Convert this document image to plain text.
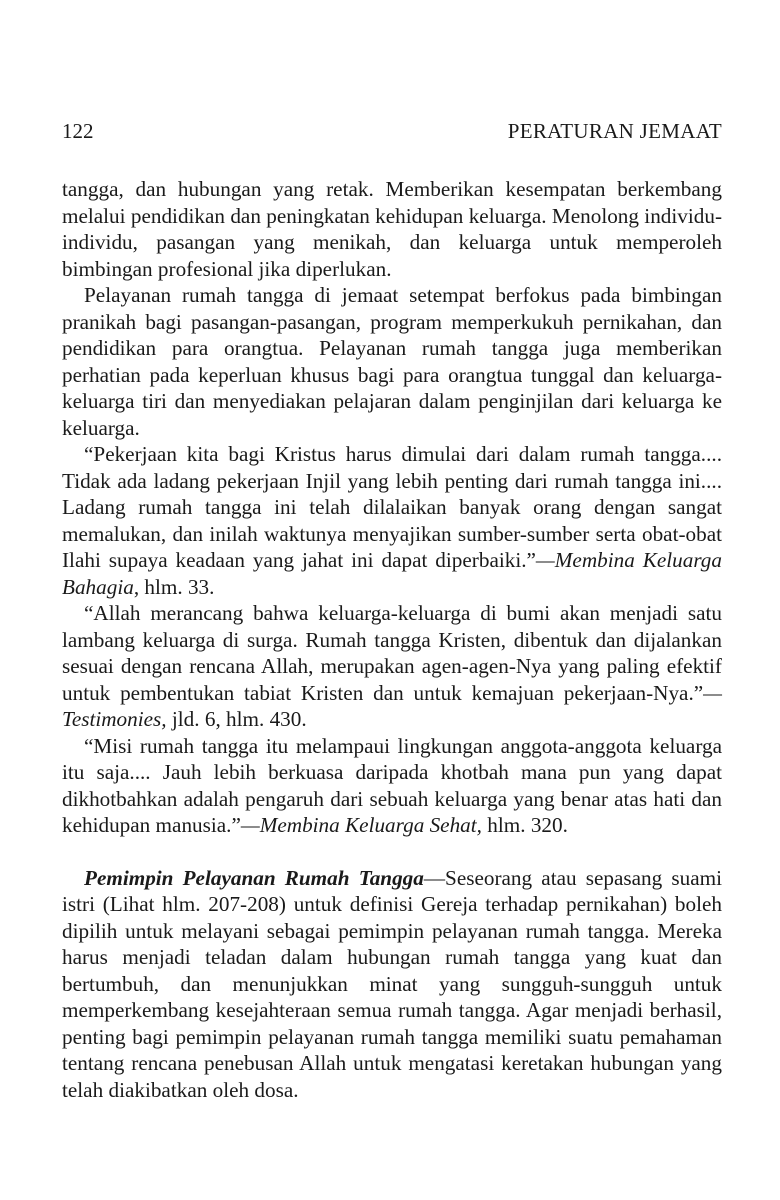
122	PERATURAN JEMAAT

tangga, dan hubungan yang retak. Memberikan kesempatan berkembang melalui pendidikan dan peningkatan kehidupan keluarga. Menolong individu-individu, pasangan yang menikah, dan keluarga untuk memperoleh bimbingan profesional jika diperlukan.

Pelayanan rumah tangga di jemaat setempat berfokus pada bimbingan pranikah bagi pasangan-pasangan, program memperkukuh pernikahan, dan pendidikan para orangtua. Pelayanan rumah tangga juga memberikan perhatian pada keperluan khusus bagi para orangtua tunggal dan keluarga-keluarga tiri dan menyediakan pelajaran dalam penginjilan dari keluarga ke keluarga.

“Pekerjaan kita bagi Kristus harus dimulai dari dalam rumah tangga.... Tidak ada ladang pekerjaan Injil yang lebih penting dari rumah tangga ini.... Ladang rumah tangga ini telah dilalaikan banyak orang dengan sangat memalukan, dan inilah waktunya menyajikan sumber-sumber serta obat-obat Ilahi supaya keadaan yang jahat ini dapat diperbaiki.”—Membina Keluarga Bahagia, hlm. 33.

“Allah merancang bahwa keluarga-keluarga di bumi akan menjadi satu lambang keluarga di surga. Rumah tangga Kristen, dibentuk dan dijalankan sesuai dengan rencana Allah, merupakan agen-agen-Nya yang paling efektif untuk pembentukan tabiat Kristen dan untuk kemajuan pekerjaan-Nya.”—Testimonies, jld. 6, hlm. 430.

“Misi rumah tangga itu melampaui lingkungan anggota-anggota keluarga itu saja.... Jauh lebih berkuasa daripada khotbah mana pun yang dapat dikhotbahkan adalah pengaruh dari sebuah keluarga yang benar atas hati dan kehidupan manusia.”—Membina Keluarga Sehat, hlm. 320.

Pemimpin Pelayanan Rumah Tangga—Seseorang atau sepasang suami istri (Lihat hlm. 207-208) untuk definisi Gereja terhadap pernikahan) boleh dipilih untuk melayani sebagai pemimpin pelayanan rumah tangga. Mereka harus menjadi teladan dalam hubungan rumah tangga yang kuat dan bertumbuh, dan menunjukkan minat yang sungguh-sungguh untuk memperkembang kesejahteraan semua rumah tangga. Agar menjadi berhasil, penting bagi pemimpin pelayanan rumah tangga memiliki suatu pemahaman tentang rencana penebusan Allah untuk mengatasi keretakan hubungan yang telah diakibatkan oleh dosa.
